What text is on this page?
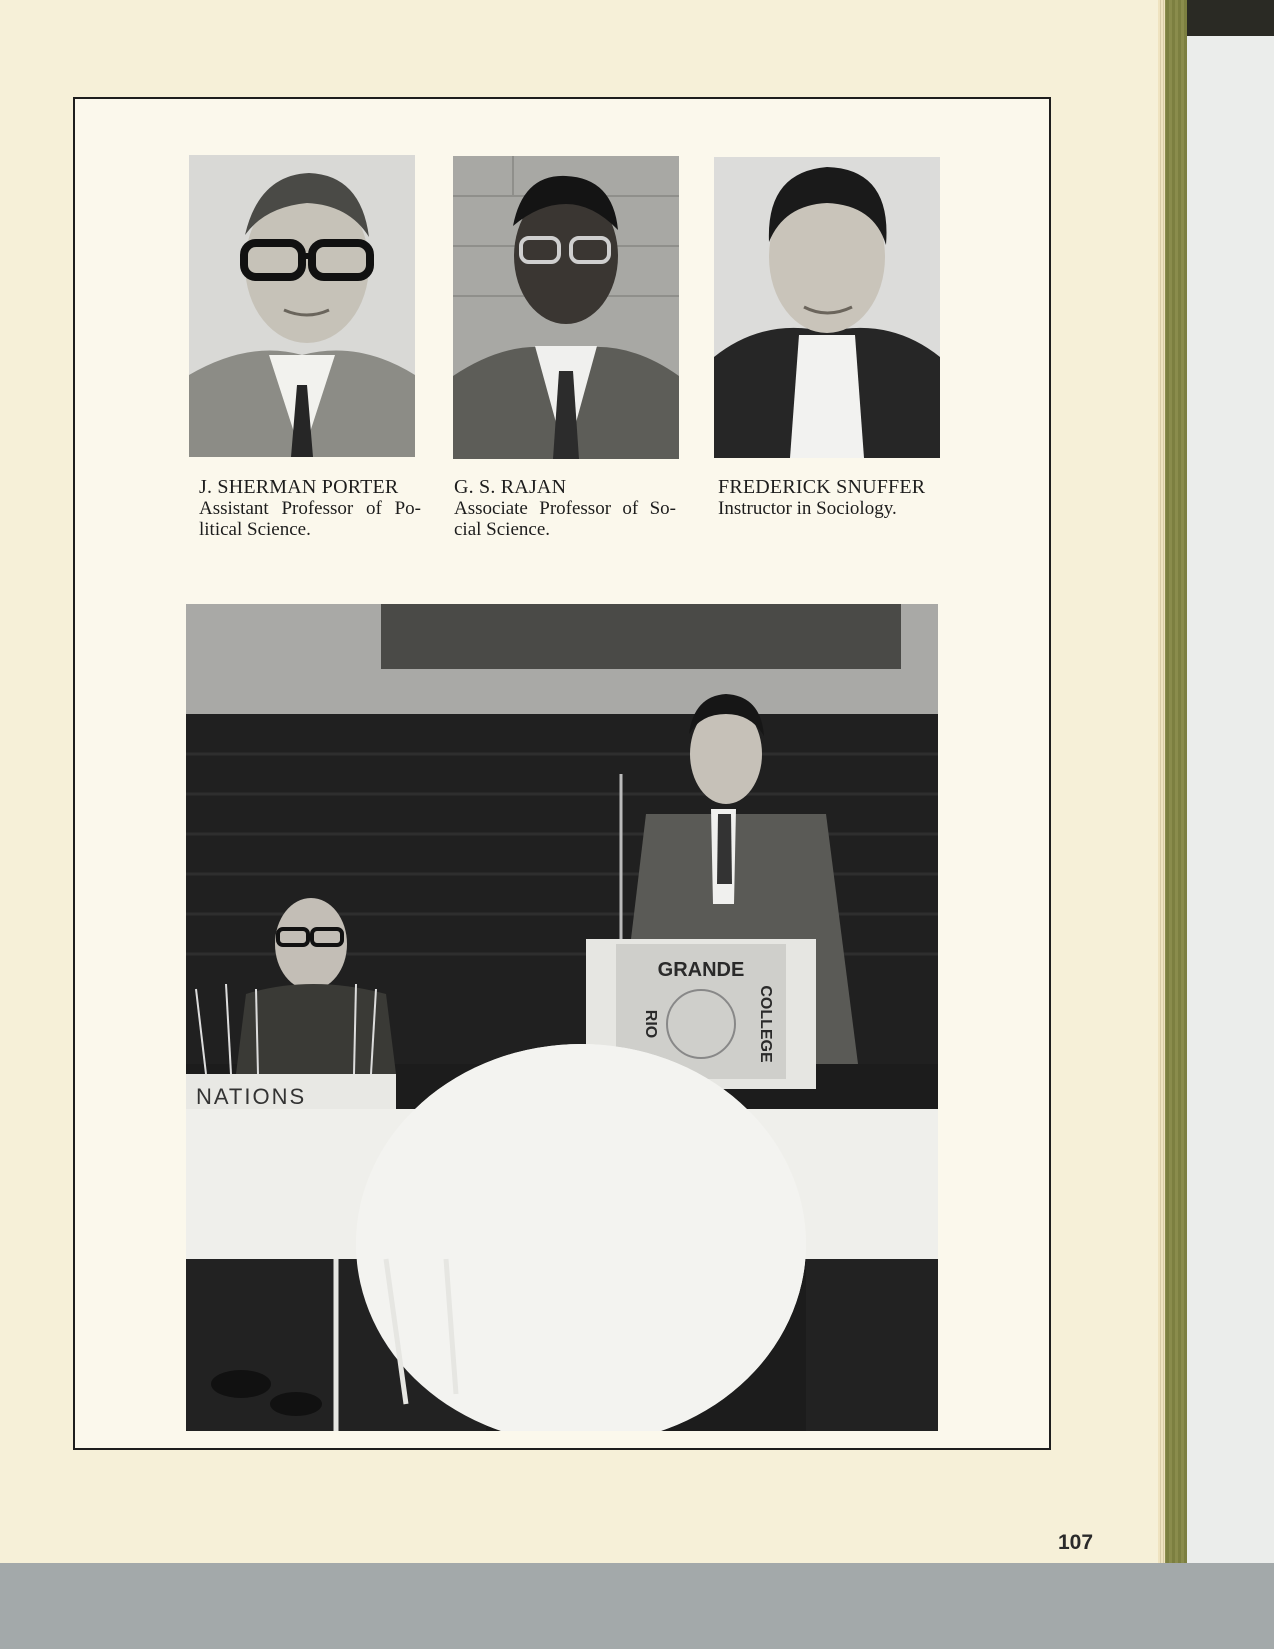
J. SHERMAN PORTER
Assistant Professor of Po- litical Science.
G. S. RAJAN
Associate Professor of So- cial Science.
FREDERICK SNUFFER
Instructor in Sociology.
GRANDE
RIO	COLLEGE
NATIONS
107
